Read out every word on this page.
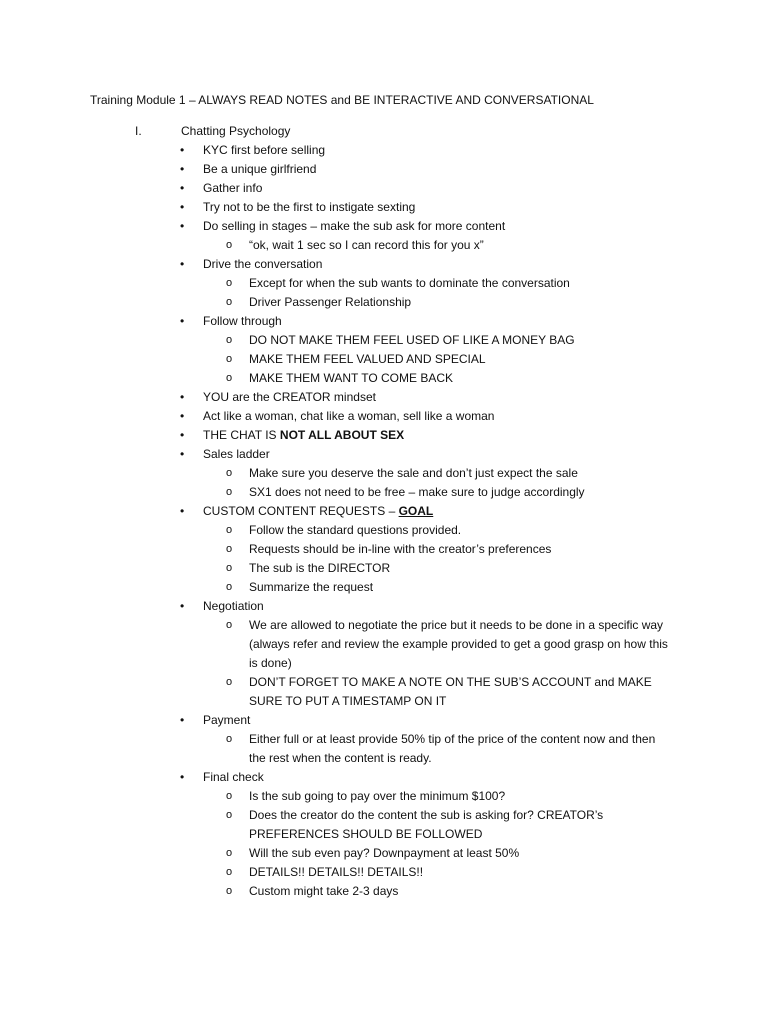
Training Module 1 – ALWAYS READ NOTES and BE INTERACTIVE AND CONVERSATIONAL
I.	Chatting Psychology
• KYC first before selling
• Be a unique girlfriend
• Gather info
• Try not to be the first to instigate sexting
• Do selling in stages – make the sub ask for more content
o “ok, wait 1 sec so I can record this for you x”
• Drive the conversation
o Except for when the sub wants to dominate the conversation
o Driver Passenger Relationship
• Follow through
o DO NOT MAKE THEM FEEL USED OF LIKE A MONEY BAG
o MAKE THEM FEEL VALUED AND SPECIAL
o MAKE THEM WANT TO COME BACK
• YOU are the CREATOR mindset
• Act like a woman, chat like a woman, sell like a woman
• THE CHAT IS NOT ALL ABOUT SEX
• Sales ladder
o Make sure you deserve the sale and don’t just expect the sale
o SX1 does not need to be free – make sure to judge accordingly
• CUSTOM CONTENT REQUESTS – GOAL
o Follow the standard questions provided.
o Requests should be in-line with the creator’s preferences
o The sub is the DIRECTOR
o Summarize the request
• Negotiation
o We are allowed to negotiate the price but it needs to be done in a specific way (always refer and review the example provided to get a good grasp on how this is done)
o DON’T FORGET TO MAKE A NOTE ON THE SUB’S ACCOUNT and MAKE SURE TO PUT A TIMESTAMP ON IT
• Payment
o Either full or at least provide 50% tip of the price of the content now and then the rest when the content is ready.
• Final check
o Is the sub going to pay over the minimum $100?
o Does the creator do the content the sub is asking for? CREATOR’s PREFERENCES SHOULD BE FOLLOWED
o Will the sub even pay? Downpayment at least 50%
o DETAILS!! DETAILS!! DETAILS!!
o Custom might take 2-3 days
